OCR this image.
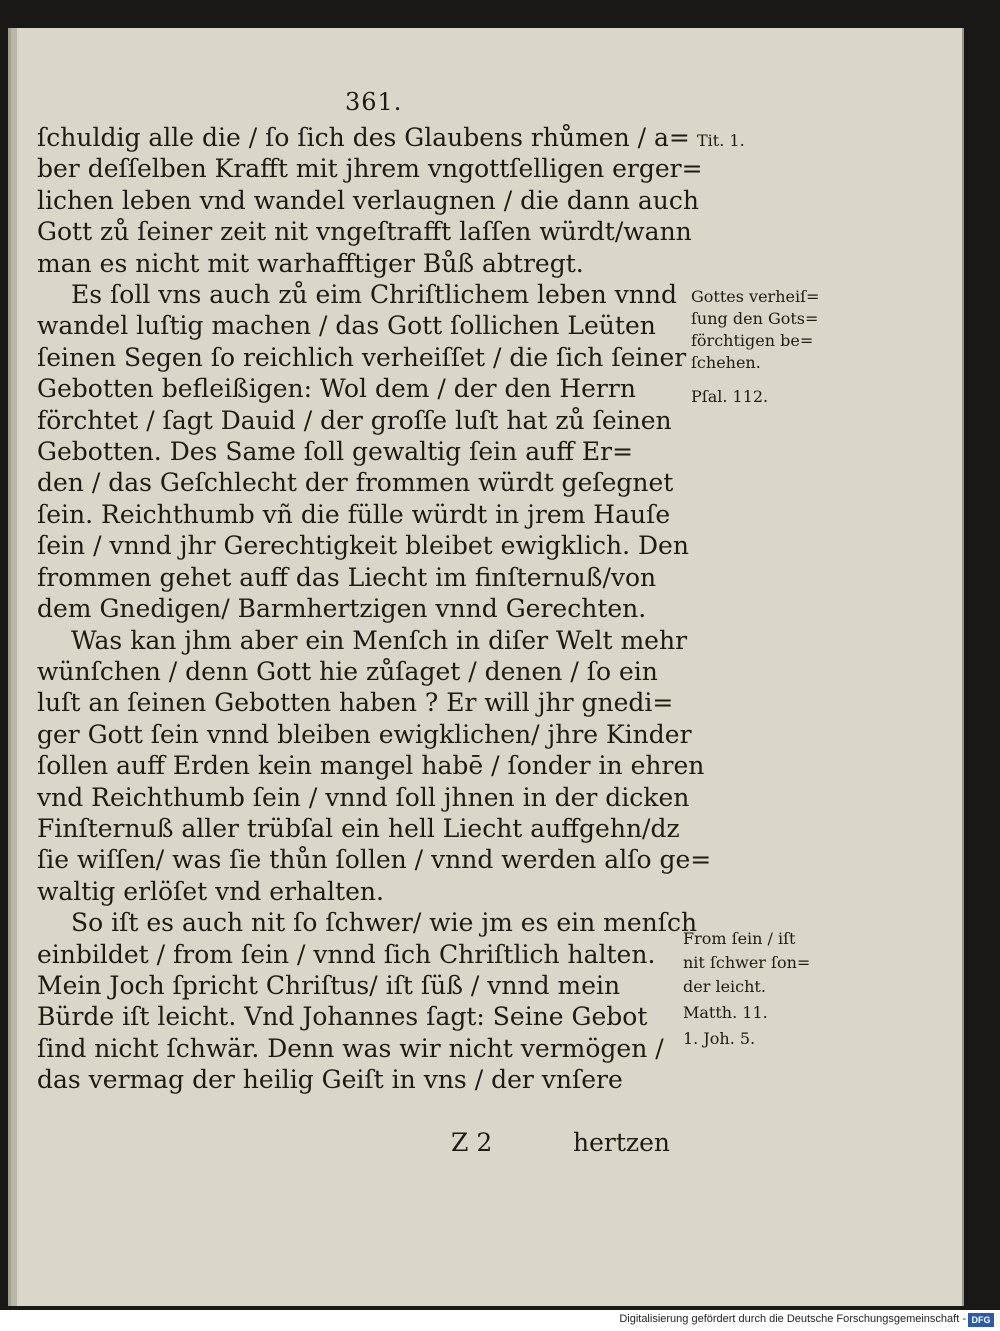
361.
ſchuldig alle die / ſo ſich des Glaubens rhůmen / a=
ber deſſelben Krafft mit jhrem vngottſelligen erger=
lichen leben vnd wandel verlaugnen / die dann auch
Gott zů ſeiner zeit nit vngeſtrafft laſſen würdt/wann
man es nicht mit warhafftiger Bůß abtregt.
Es ſoll vns auch zů eim Chriſtlichem leben vnnd
wandel luſtig machen / das Gott ſollichen Leüten
ſeinen Segen ſo reichlich verheiſſet / die ſich ſeiner
Gebotten befleißigen: Wol dem / der den Herrn
förchtet / ſagt Dauid / der groſſe luſt hat zů ſeinen
Gebotten. Des Same ſoll gewaltig ſein auff Er=
den / das Geſchlecht der frommen würdt geſegnet
ſein. Reichthumb vñ die fülle würdt in jrem Hauſe
ſein / vnnd jhr Gerechtigkeit bleibet ewigklich. Den
frommen gehet auff das Liecht im finſternuß/von
dem Gnedigen/ Barmhertzigen vnnd Gerechten.
Was kan jhm aber ein Menſch in diſer Welt mehr
wünſchen / denn Gott hie zůſaget / denen / ſo ein
luſt an ſeinen Gebotten haben ? Er will jhr gnedi=
ger Gott ſein vnnd bleiben ewigklichen/ jhre Kinder
ſollen auff Erden kein mangel habē / ſonder in ehren
vnd Reichthumb ſein / vnnd ſoll jhnen in der dicken
Finſternuß aller trübſal ein hell Liecht auffgehn/dz
ſie wiſſen/ was ſie thůn ſollen / vnnd werden alſo ge=
waltig erlöſet vnd erhalten.
So iſt es auch nit ſo ſchwer/ wie jm es ein menſch
einbildet / from ſein / vnnd ſich Chriſtlich halten.
Mein Joch ſpricht Chriſtus/ iſt ſüß / vnnd mein
Bürde iſt leicht. Vnd Johannes ſagt: Seine Gebot
ſind nicht ſchwär. Denn was wir nicht vermögen /
das vermag der heilig Geiſt in vns / der vnſere
Tit. 1.
Gottes verheiſ=
ſung den Gots=
förchtigen be=
ſchehen.
Pſal. 112.
From ſein / iſt
nit ſchwer ſon=
der leicht.
Matth. 11.
1. Joh. 5.
Z 2	hertzen
Digitalisierung gefördert durch die Deutsche Forschungsgemeinschaft - DFG
